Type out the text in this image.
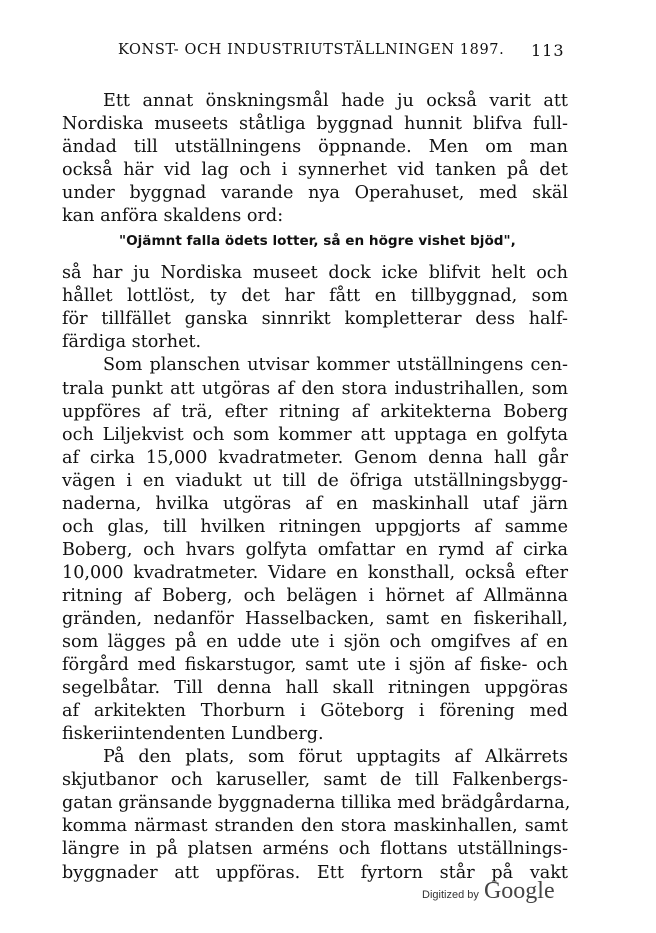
KONST- OCH INDUSTRIUTSTÄLLNINGEN 1897. 113
Ett annat önskningsmål hade ju också varit att
Nordiska museets ståtliga byggnad hunnit blifva full-
ändad till utställningens öppnande. Men om man
också här vid lag och i synnerhet vid tanken på det
under byggnad varande nya Operahuset, med skäl
kan anföra skaldens ord:
"Ojämnt falla ödets lotter, så en högre vishet bjöd",
så har ju Nordiska museet dock icke blifvit helt och
hållet lottlöst, ty det har fått en tillbyggnad, som
för tillfället ganska sinnrikt kompletterar dess half-
färdiga storhet.
Som planschen utvisar kommer utställningens cen-
trala punkt att utgöras af den stora industrihallen, som
uppföres af trä, efter ritning af arkitekterna Boberg
och Liljekvist och som kommer att upptaga en golfyta
af cirka 15,000 kvadratmeter. Genom denna hall går
vägen i en viadukt ut till de öfriga utställningsbygg-
naderna, hvilka utgöras af en maskinhall utaf järn
och glas, till hvilken ritningen uppgjorts af samme
Boberg, och hvars golfyta omfattar en rymd af cirka
10,000 kvadratmeter. Vidare en konsthall, också efter
ritning af Boberg, och belägen i hörnet af Allmänna
gränden, nedanför Hasselbacken, samt en fiskerihall,
som lägges på en udde ute i sjön och omgifves af en
förgård med fiskarstugor, samt ute i sjön af fiske- och
segelbåtar. Till denna hall skall ritningen uppgöras
af arkitekten Thorburn i Göteborg i förening med
fiskeriintendenten Lundberg.
På den plats, som förut upptagits af Alkärrets
skjutbanor och karuseller, samt de till Falkenbergs-
gatan gränsande byggnaderna tillika med brädgårdarna,
komma närmast stranden den stora maskinhallen, samt
längre in på platsen arméns och flottans utställnings-
byggnader att uppföras. Ett fyrtorn står på vakt
Digitized by Google
